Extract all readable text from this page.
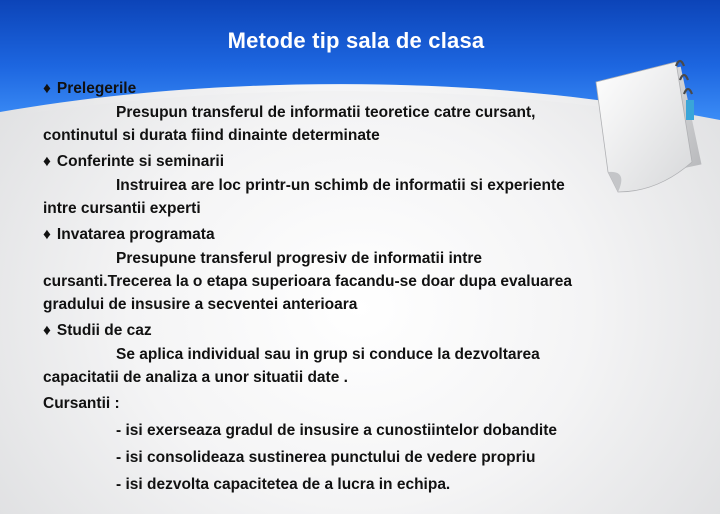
Metode tip sala de clasa
♦ Prelegerile
Presupun transferul de informatii teoretice catre cursant,
continutul si durata fiind dinainte determinate
♦ Conferinte si seminarii
Instruirea are loc printr-un schimb de informatii si experiente
intre cursantii experti
♦ Invatarea programata
Presupune transferul progresiv de informatii intre
cursanti.Trecerea la o etapa superioara facandu-se doar dupa evaluarea
gradului de insusire a secventei anterioara
♦ Studii de caz
Se aplica individual sau in grup si conduce la dezvoltarea
capacitatii de analiza a unor situatii date .
Cursantii :
- isi exerseaza gradul de insusire a cunostiintelor dobandite
- isi consolideaza sustinerea punctului de vedere propriu
- isi dezvolta capacitetea de a lucra in echipa.
